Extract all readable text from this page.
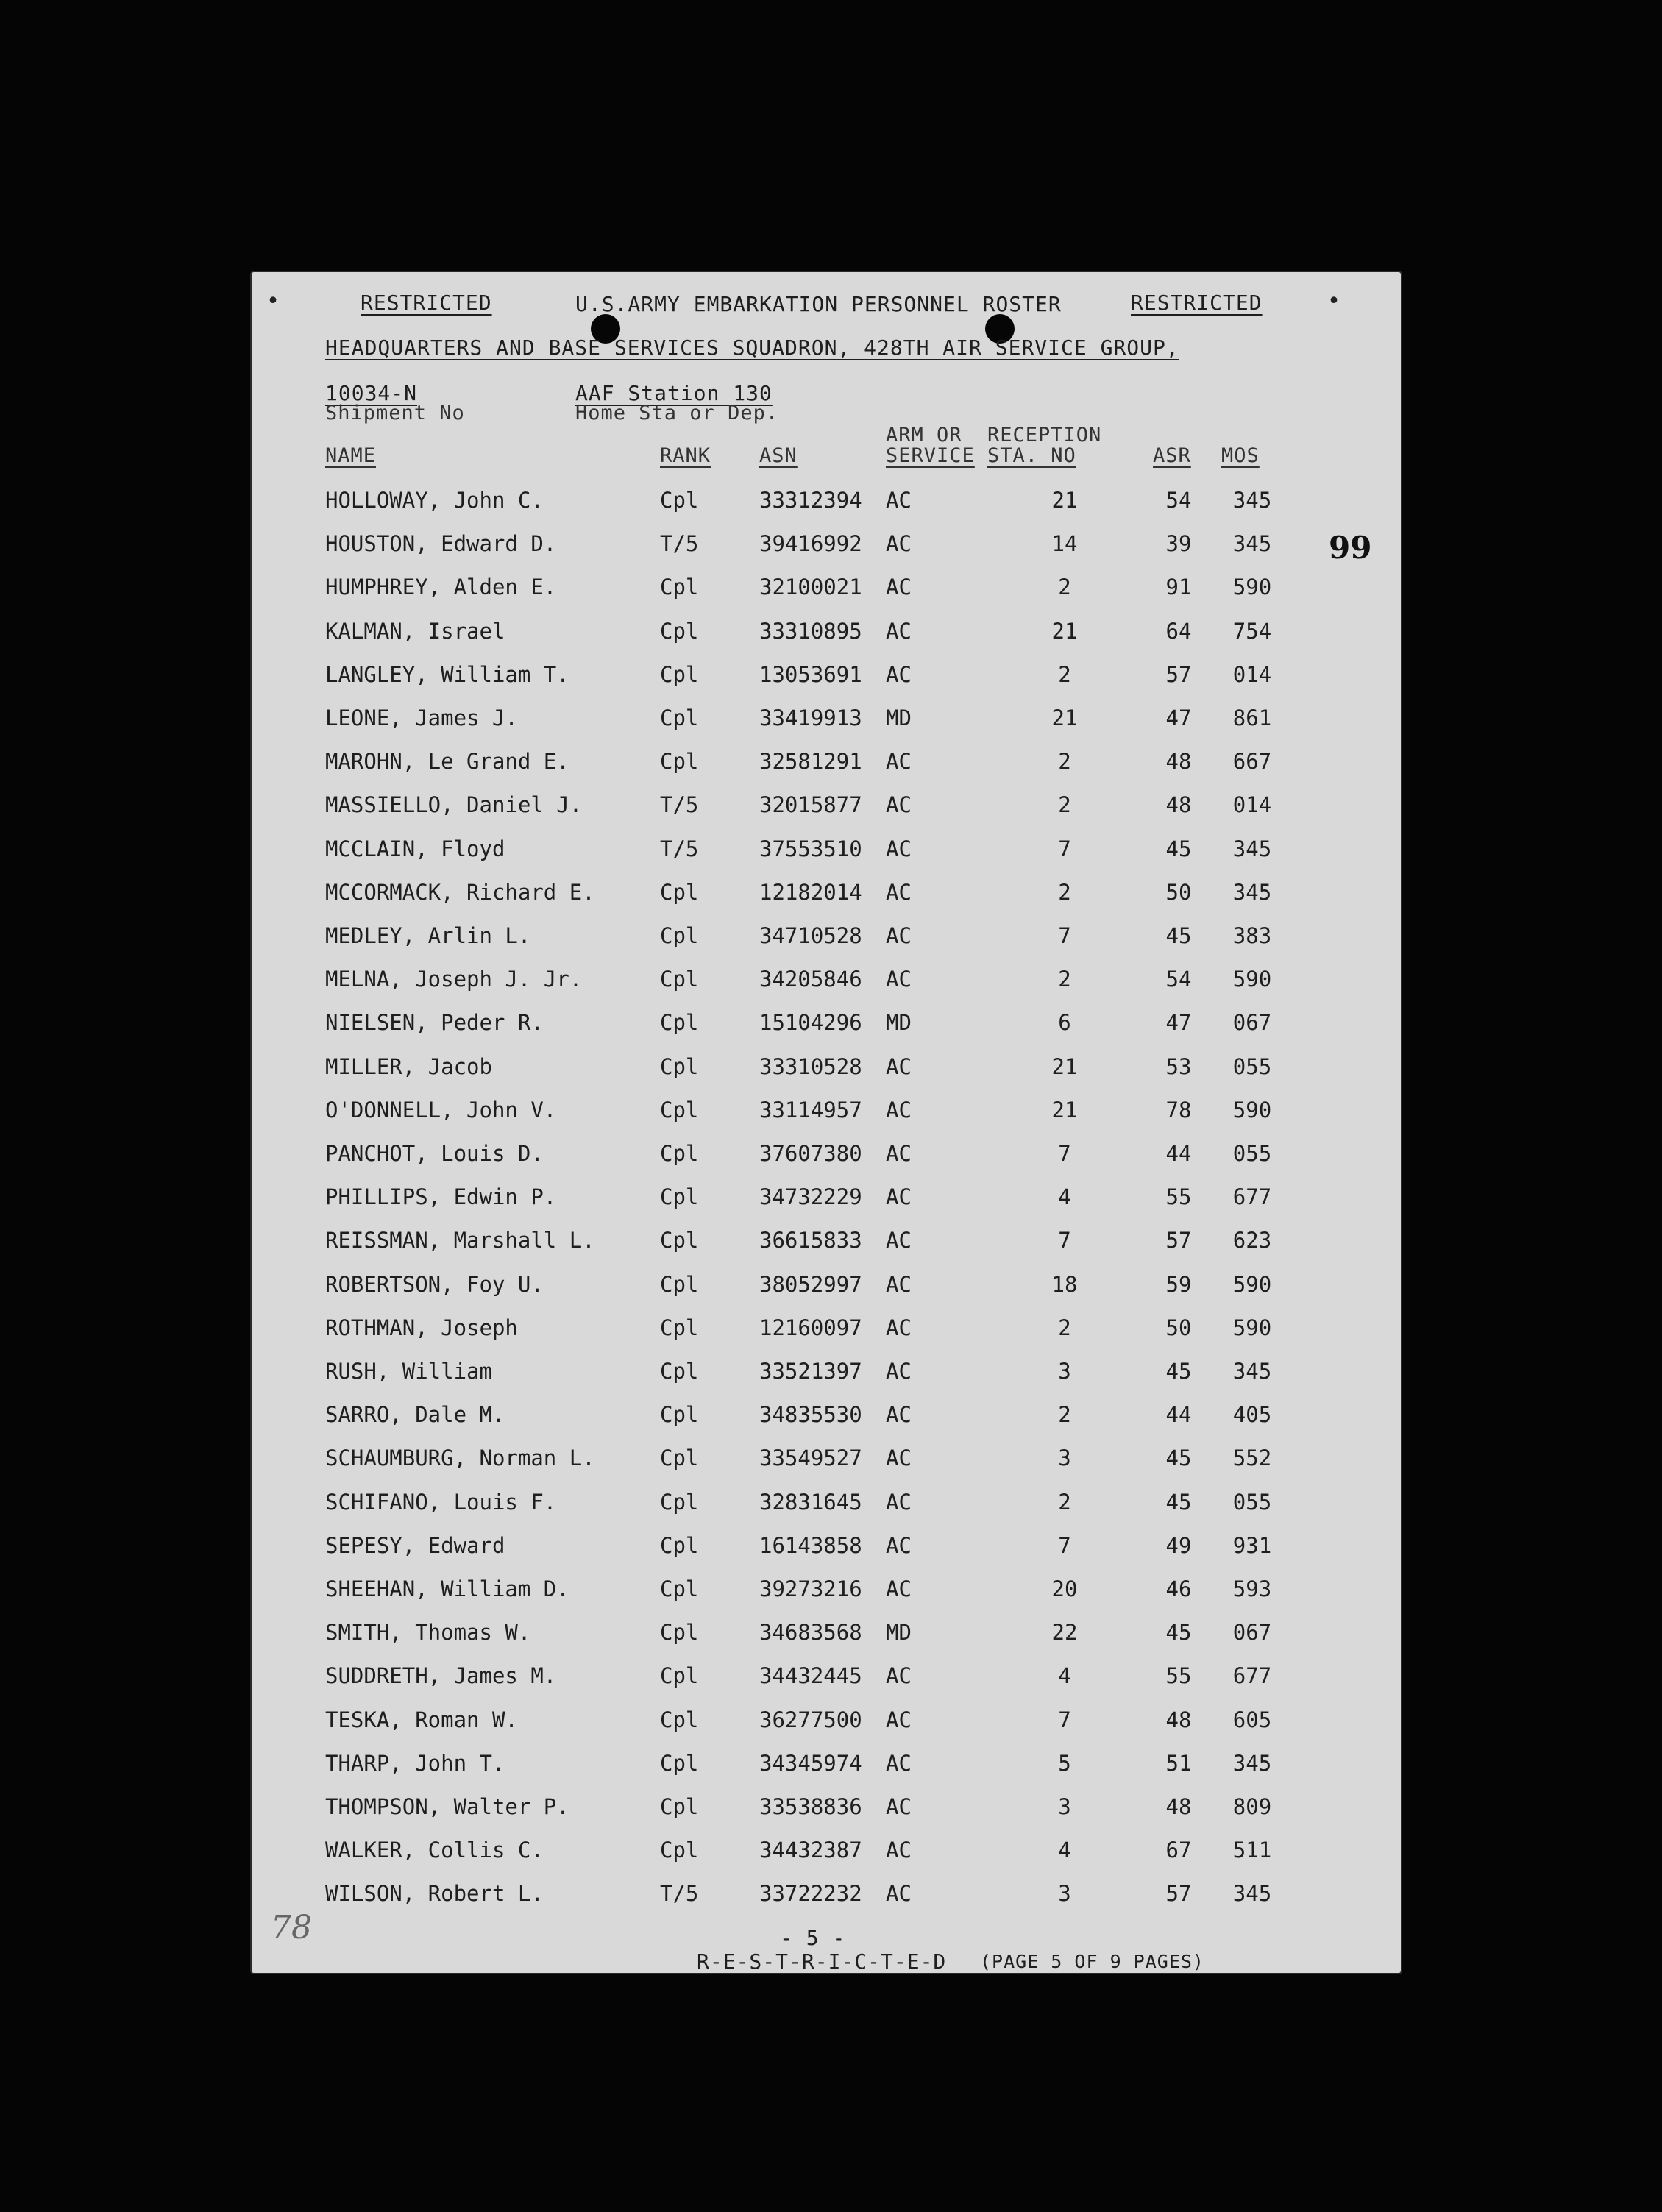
•	•
RESTRICTED	U.S.ARMY EMBARKATION PERSONNEL ROSTER	RESTRICTED
HEADQUARTERS AND BASE SERVICES SQUADRON, 428TH AIR SERVICE GROUP,
10034-N
Shipment No
AAF Station 130
Home Sta or Dep.
99
ARM OR RECEPTION
NAME	RANK ASN	SERVICE STA. NO	ASR MOS
HOLLOWAY, John C.	Cpl	33312394 AC	21	54	345
HOUSTON, Edward D.	T/5	39416992 AC	14	39	345
HUMPHREY, Alden E.	Cpl	32100021 AC	2	91	590
KALMAN, Israel	Cpl	33310895 AC	21	64	754
LANGLEY, William T.	Cpl	13053691 AC	2	57	014
LEONE, James J.	Cpl	33419913 MD	21	47	861
MAROHN, Le Grand E.	Cpl	32581291 AC	2	48	667
MASSIELLO, Daniel J.	T/5	32015877 AC	2	48	014
MCCLAIN, Floyd	T/5	37553510 AC	7	45	345
MCCORMACK, Richard E.	Cpl	12182014 AC	2	50	345
MEDLEY, Arlin L.	Cpl	34710528 AC	7	45	383
MELNA, Joseph J. Jr.	Cpl	34205846 AC	2	54	590
NIELSEN, Peder R.	Cpl	15104296 MD	6	47	067
MILLER, Jacob	Cpl	33310528 AC	21	53	055
O'DONNELL, John V.	Cpl	33114957 AC	21	78	590
PANCHOT, Louis D.	Cpl	37607380 AC	7	44	055
PHILLIPS, Edwin P.	Cpl	34732229 AC	4	55	677
REISSMAN, Marshall L.	Cpl	36615833 AC	7	57	623
ROBERTSON, Foy U.	Cpl	38052997 AC	18	59	590
ROTHMAN, Joseph	Cpl	12160097 AC	2	50	590
RUSH, William	Cpl	33521397 AC	3	45	345
SARRO, Dale M.	Cpl	34835530 AC	2	44	405
SCHAUMBURG, Norman L.	Cpl	33549527 AC	3	45	552
SCHIFANO, Louis F.	Cpl	32831645 AC	2	45	055
SEPESY, Edward	Cpl	16143858 AC	7	49	931
SHEEHAN, William D.	Cpl	39273216 AC	20	46	593
SMITH, Thomas W.	Cpl	34683568 MD	22	45	067
SUDDRETH, James M.	Cpl	34432445 AC	4	55	677
TESKA, Roman W.	Cpl	36277500 AC	7	48	605
THARP, John T.	Cpl	34345974 AC	5	51	345
THOMPSON, Walter P.	Cpl	33538836 AC	3	48	809
WALKER, Collis C.	Cpl	34432387 AC	4	67	511
WILSON, Robert L.	T/5	33722232 AC	3	57	345
- 5 -
R-E-S-T-R-I-C-T-E-D (PAGE 5 OF 9 PAGES)
78
